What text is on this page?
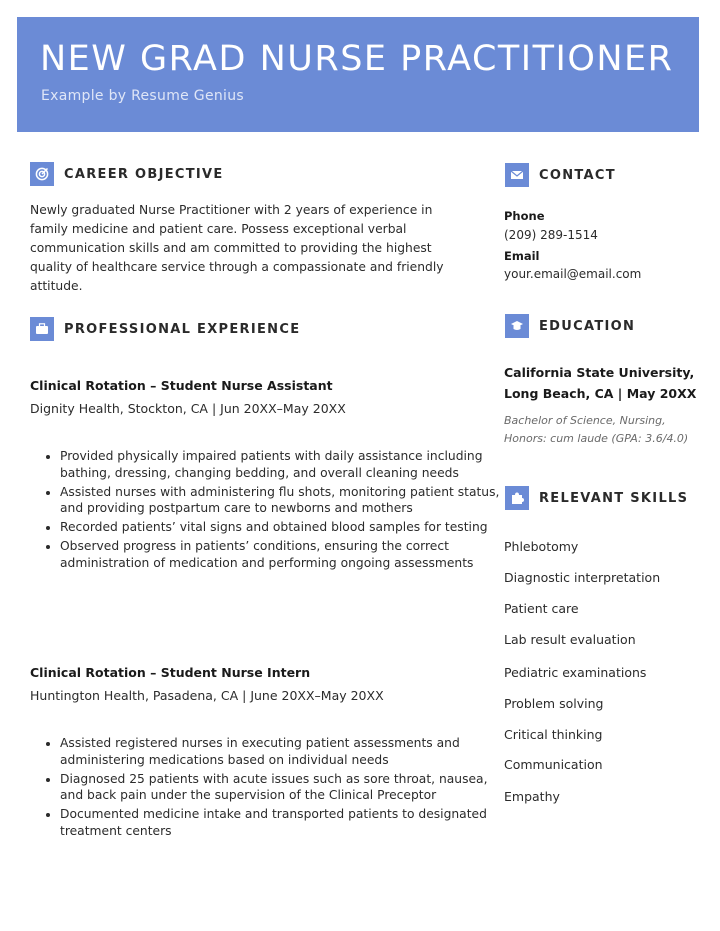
NEW GRAD NURSE PRACTITIONER
Example by Resume Genius
CAREER OBJECTIVE
Newly graduated Nurse Practitioner with 2 years of experience in family medicine and patient care. Possess exceptional verbal communication skills and am committed to providing the highest quality of healthcare service through a compassionate and friendly attitude.
PROFESSIONAL EXPERIENCE
Clinical Rotation – Student Nurse Assistant
Dignity Health, Stockton, CA | Jun 20XX–May 20XX
• Provided physically impaired patients with daily assistance including bathing, dressing, changing bedding, and overall cleaning needs
• Assisted nurses with administering flu shots, monitoring patient status, and providing postpartum care to newborns and mothers
• Recorded patients’ vital signs and obtained blood samples for testing
• Observed progress in patients’ conditions, ensuring the correct administration of medication and performing ongoing assessments
Clinical Rotation – Student Nurse Intern
Huntington Health, Pasadena, CA | June 20XX–May 20XX
• Assisted registered nurses in executing patient assessments and administering medications based on individual needs
• Diagnosed 25 patients with acute issues such as sore throat, nausea, and back pain under the supervision of the Clinical Preceptor
• Documented medicine intake and transported patients to designated treatment centers
CONTACT
Phone
(209) 289-1514
Email
your.email@email.com
EDUCATION
California State University, Long Beach, CA | May 20XX
Bachelor of Science, Nursing, Honors: cum laude (GPA: 3.6/4.0)
RELEVANT SKILLS
Phlebotomy
Diagnostic interpretation
Patient care
Lab result evaluation
Pediatric examinations
Problem solving
Critical thinking
Communication
Empathy
